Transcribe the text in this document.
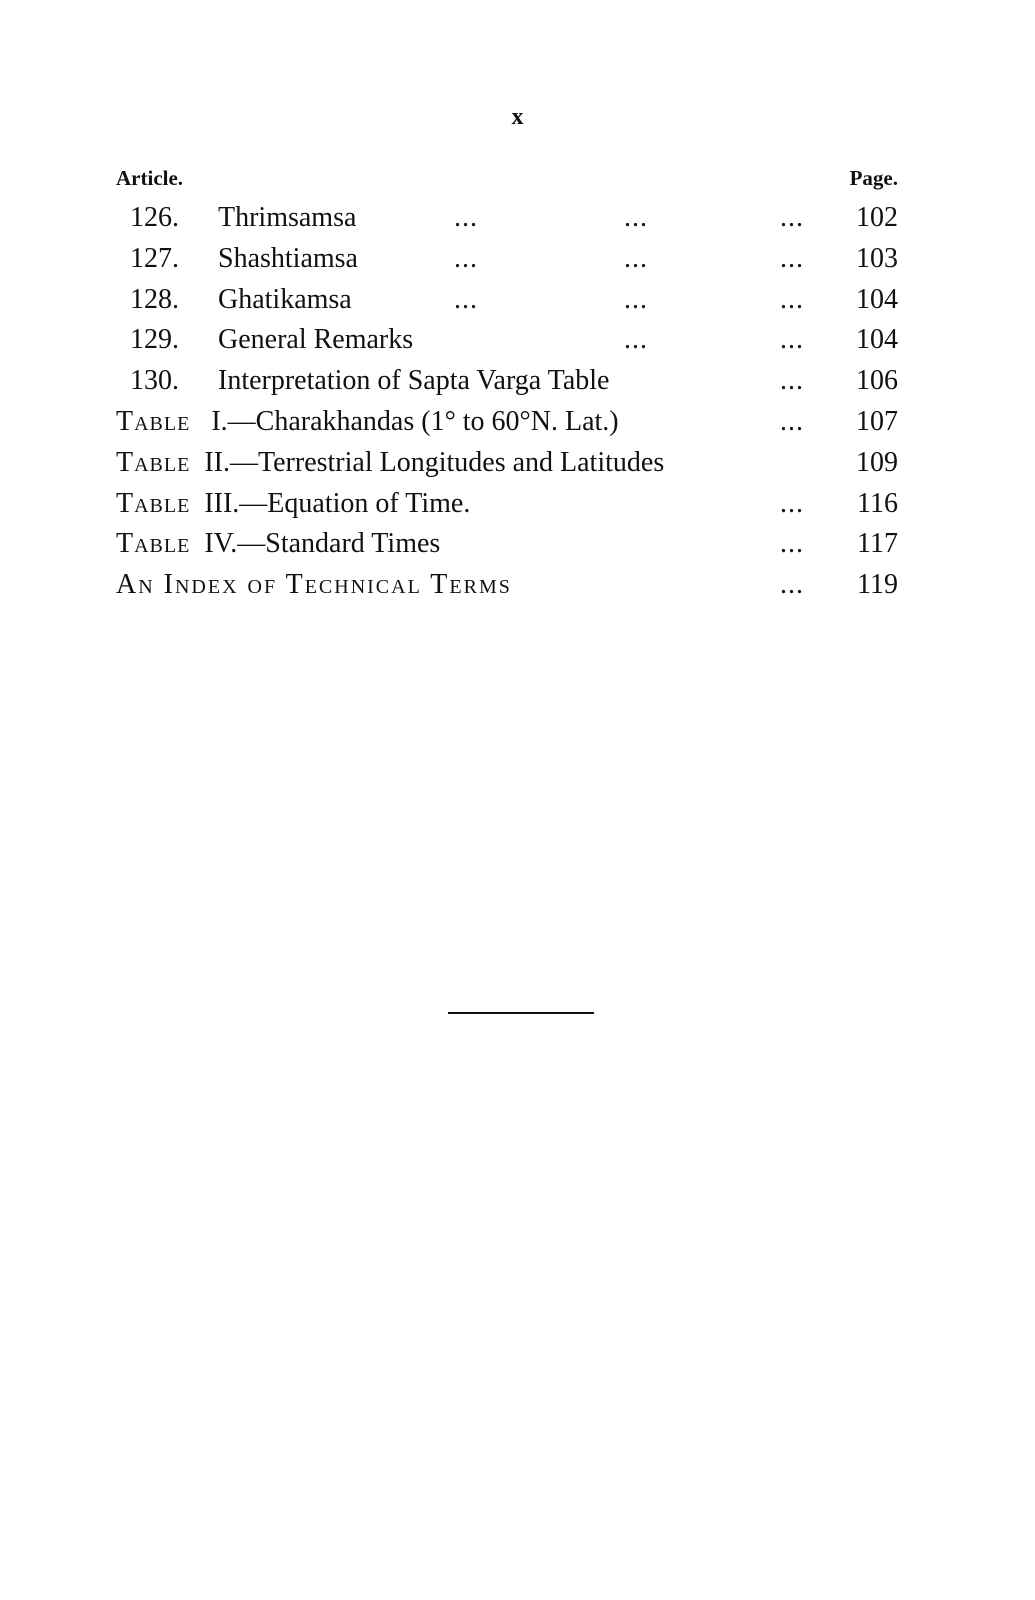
x
Article.	Page.
126. Thrimsamsa	...	...	... 102
127. Shashtiamsa	...	...	... 103
128. Ghatikamsa	...	...	... 104
129. General Remarks	...	... 104
130. Interpretation of Sapta Varga Table	... 106
Table I.—Charakhandas (1° to 60°N. Lat.)	... 107
Table II.—Terrestrial Longitudes and Latitudes	109
Table III.—Equation of Time.	... 116
Table IV.—Standard Times	... 117
An Index of Technical Terms	... 119
